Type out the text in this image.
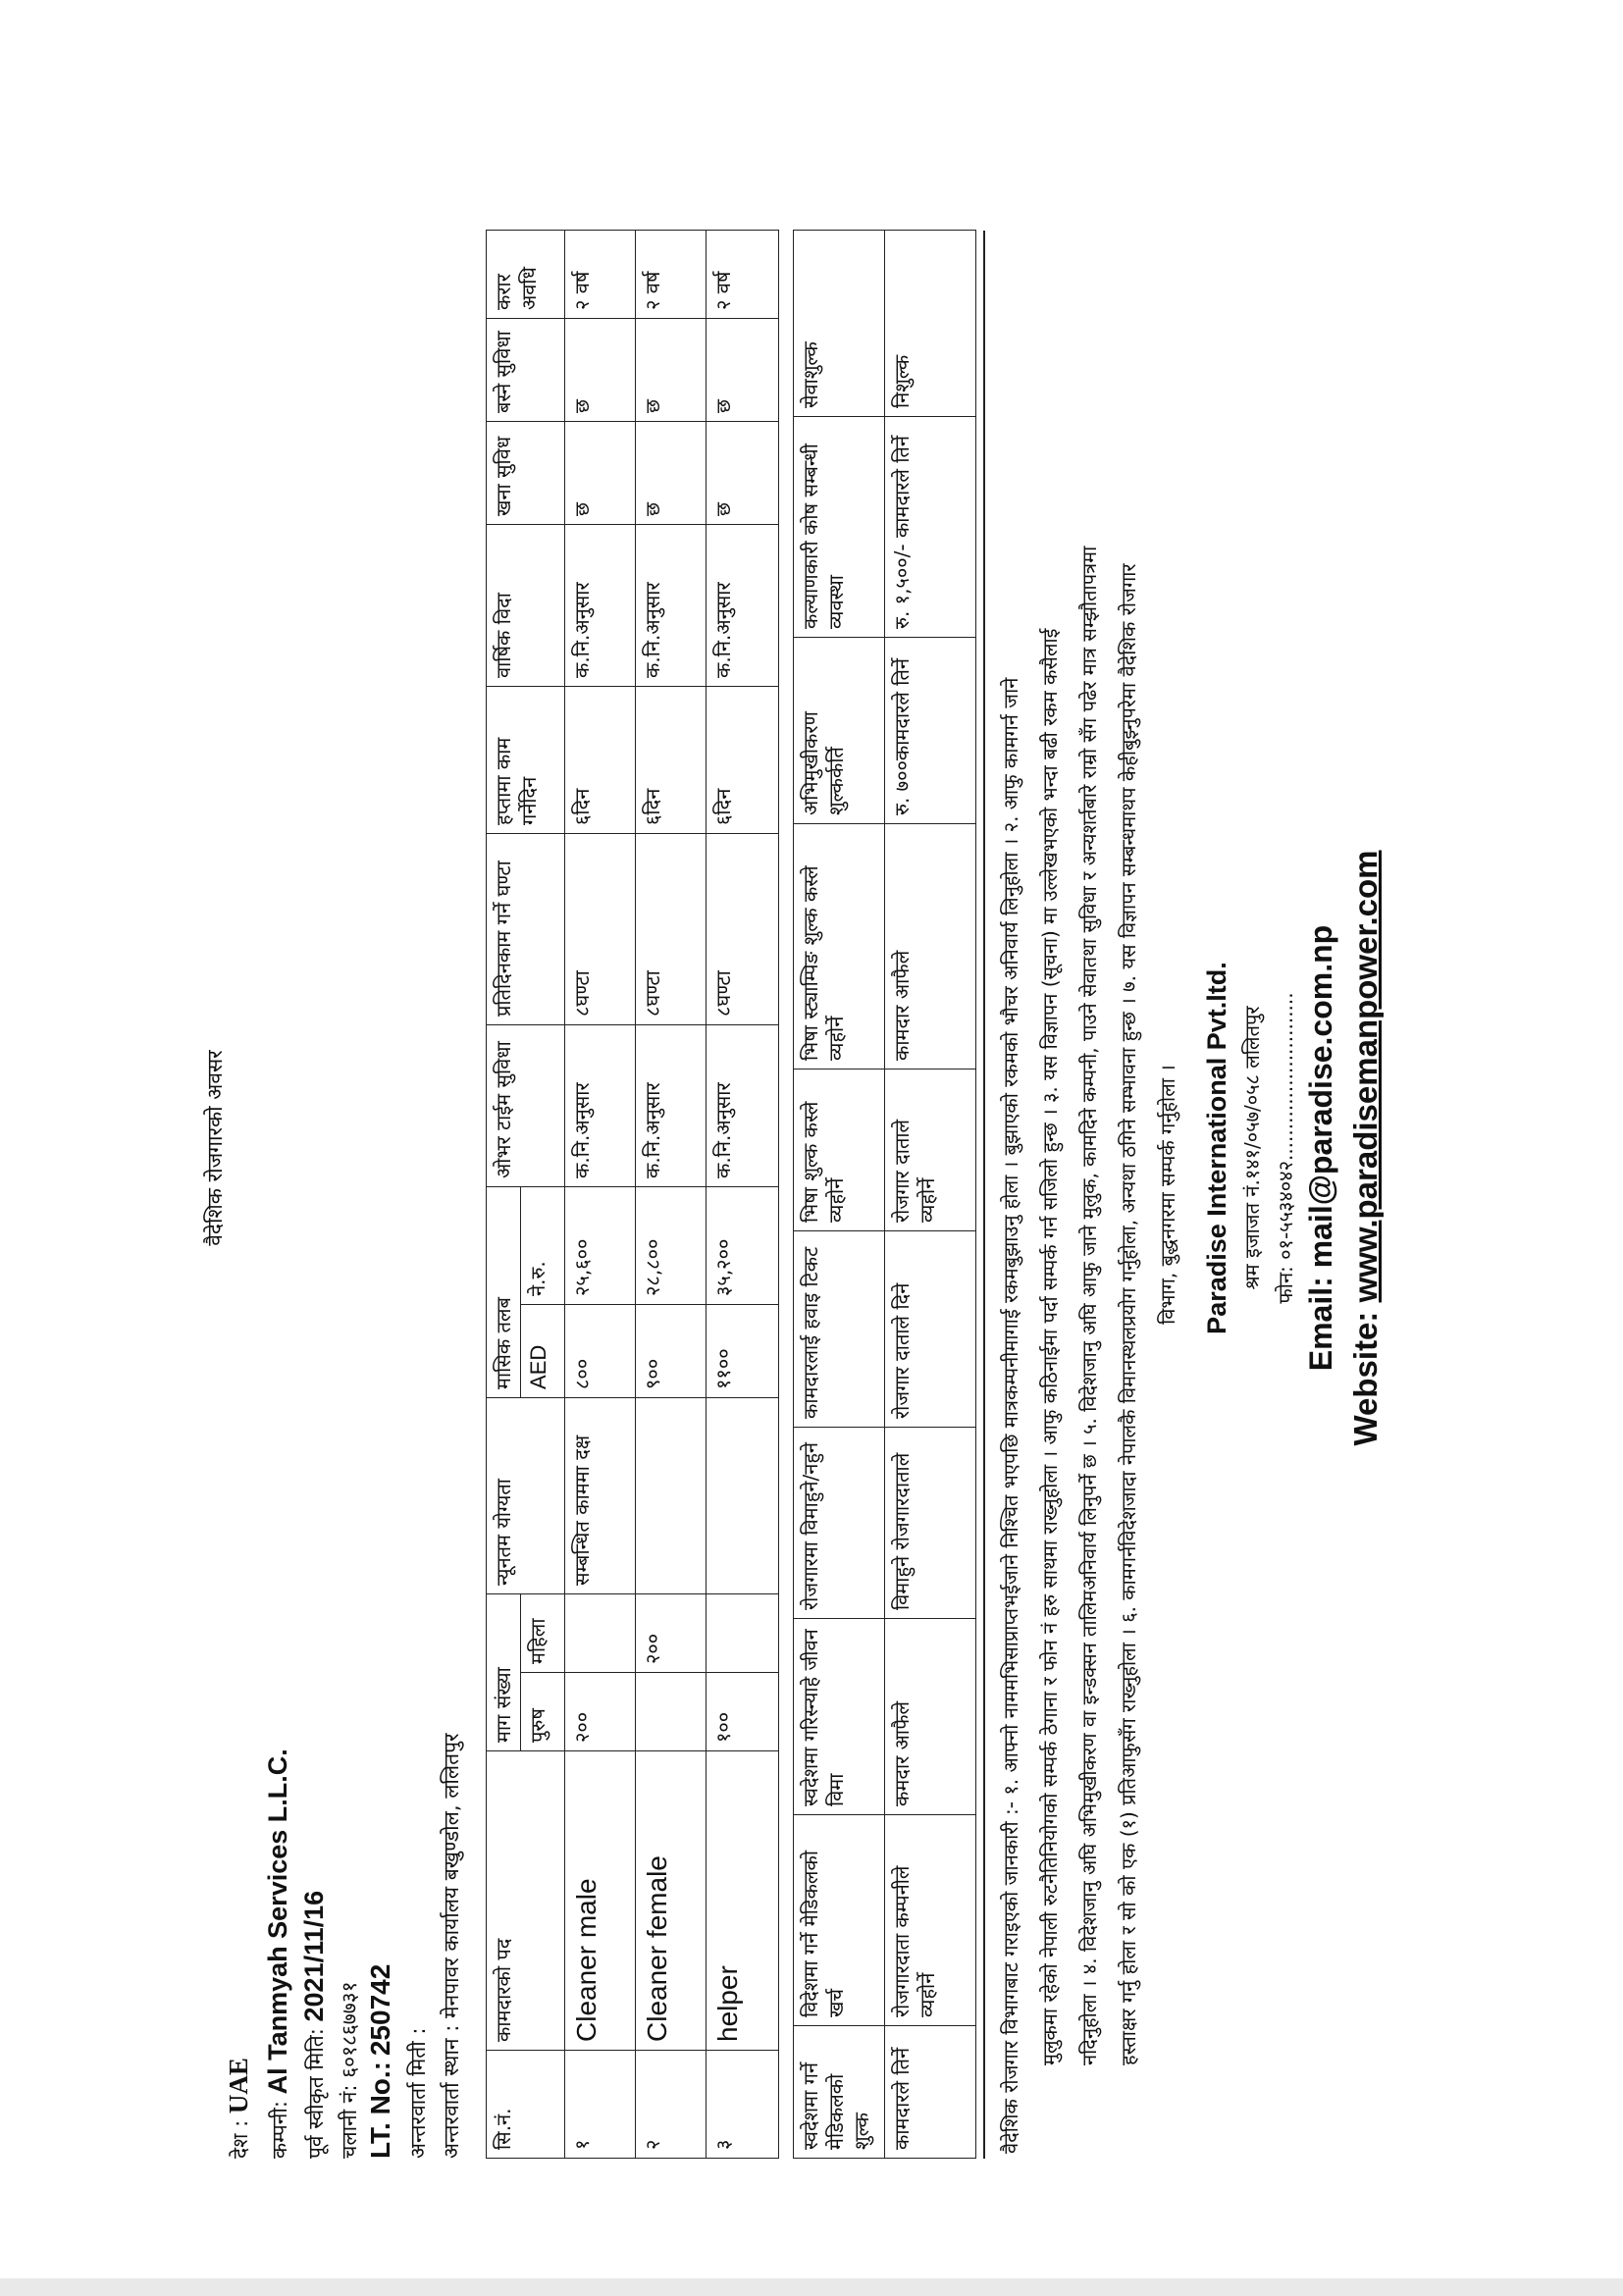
वैदेशिक रोजगारको अवसर
देश : UAE
कम्पनी: Al Tanmyah Services L.L.C. पूर्व स्वीकृत मिति: 2021/11/16
चलानी नं: ६०१८६७७३१
LT. No.: 250742
अन्तरवार्ता मिती : अन्तरवार्ता स्थान : मेनपावर कार्यालय बखुण्डोल, ललितपुर
सि.नं.	कामदारको पद	माग संख्या		न्यूनतम योग्यता	मासिक तलब		ओभर टाईम सुविधा	प्रतिदिनकाम गर्ने घण्टा	हप्तामा काम गर्नेदिन	वार्षिक विदा	खना सुविध	बस्ने सुविधा	करार अवधि
		पुरुष	महिला		AED	ने.रु.							
१	Cleaner male	२००		सम्बन्धित काममा दक्ष	८००	२५,६००	क.नि.अनुसार	८घण्टा	६दिन	क.नि.अनुसार	छ	छ	२ वर्ष
२	Cleaner female		२००		९००	२८,८००	क.नि.अनुसार	८घण्टा	६दिन	क.नि.अनुसार	छ	छ	२ वर्ष
३	helper	१००			११००	३५,२००	क.नि.अनुसार	८घण्टा	६दिन	क.नि.अनुसार	छ	छ	२ वर्ष
स्वदेशमा गर्ने मेडिकलको शुल्क	विदेशमा गर्ने मेडिकलको खर्च	स्वदेशमा गरिस्न्याहे जीवन विमा	रोजगारमा विमाहुने/नहुने	कामदारलाई हवाइ टिकट	भिषा शुल्क कस्ले व्यहोर्ने	भिषा स्ट्याम्पिङ शुल्क कस्ले व्यहोर्ने	अभिमुखीकरण शुल्कर्कर्ति	कल्याणकारी कोष सम्बन्धी व्यवस्था	सेवाशुल्क
कामदारले तिर्ने	रोजगारदाता कम्पनीले व्यहोर्ने	कमदार आफैले	विमाहुने रोजगारदाताले	रोजगार दाताले दिने	रोजगार दाताले व्यहोर्ने	कामदार आफैले	रु. ७००कामदारले तिर्ने	रु. १,५००/- कामदारले तिर्ने	निशुल्क

वैदेशिक रोजगार विभागबाट गराइएको जानकारी :- १. आफ्नो नाममभिसाप्राप्तभईजाने निश्चित भएपछि मात्रकम्पनीमागाई रकमबुझाउनु होला । बुझाएको रकमको भौचर अनिवार्य लिनुहोला । २. आफु कामगर्न जाने मुलुकमा रहेको नेपाली रुटनैतिनियोगको सम्पर्क ठेगाना र फोन नं हरु साथमा राख्नुहोला । आफु कठिनाईमा पर्दा सम्पर्क गर्न सजिलो हुन्छ । ३. यस विज्ञापन (सूचना) मा उल्लेखभएको भन्दा बढी रकम कसैलाई नदिनुहोला । ४. विदेशजानु अघि अभिमुखीकरण वा इन्डक्सन तालिमअनिवार्य लिनुपर्ने छ । ५. विदेशजानु अघि आफु जाने मुलुक, कामदिने कम्पनी, पाउने सेवातथा सुविधा र अन्यशर्तबारे राम्रो सँग पढेर मात्र सम्झौतापत्रमा हस्ताक्षर गर्नु होला र सो को एक (१) प्रतिआफुसँग राख्नुहोला । ६. कामगर्नविदेशजादा नेपालकै विमानस्थलप्रयोग गर्नुहोला, अन्यथा ठगिने सम्भावना हुन्छ । ७. यस विज्ञापन सम्बन्धमाथप केहीबुझ्नुपरेमा वैदेशिक रोजगार विभाग, बुद्धनगरमा सम्पर्क गर्नुहोला । Paradise International Pvt.ltd. श्रम इजाजत नं.१४१/०५७/०५८ ललितपुर फोन: ०१-५५३४०४२........................... Email: mail@paradise.com.np
Website: www.paradisemanpower.com
